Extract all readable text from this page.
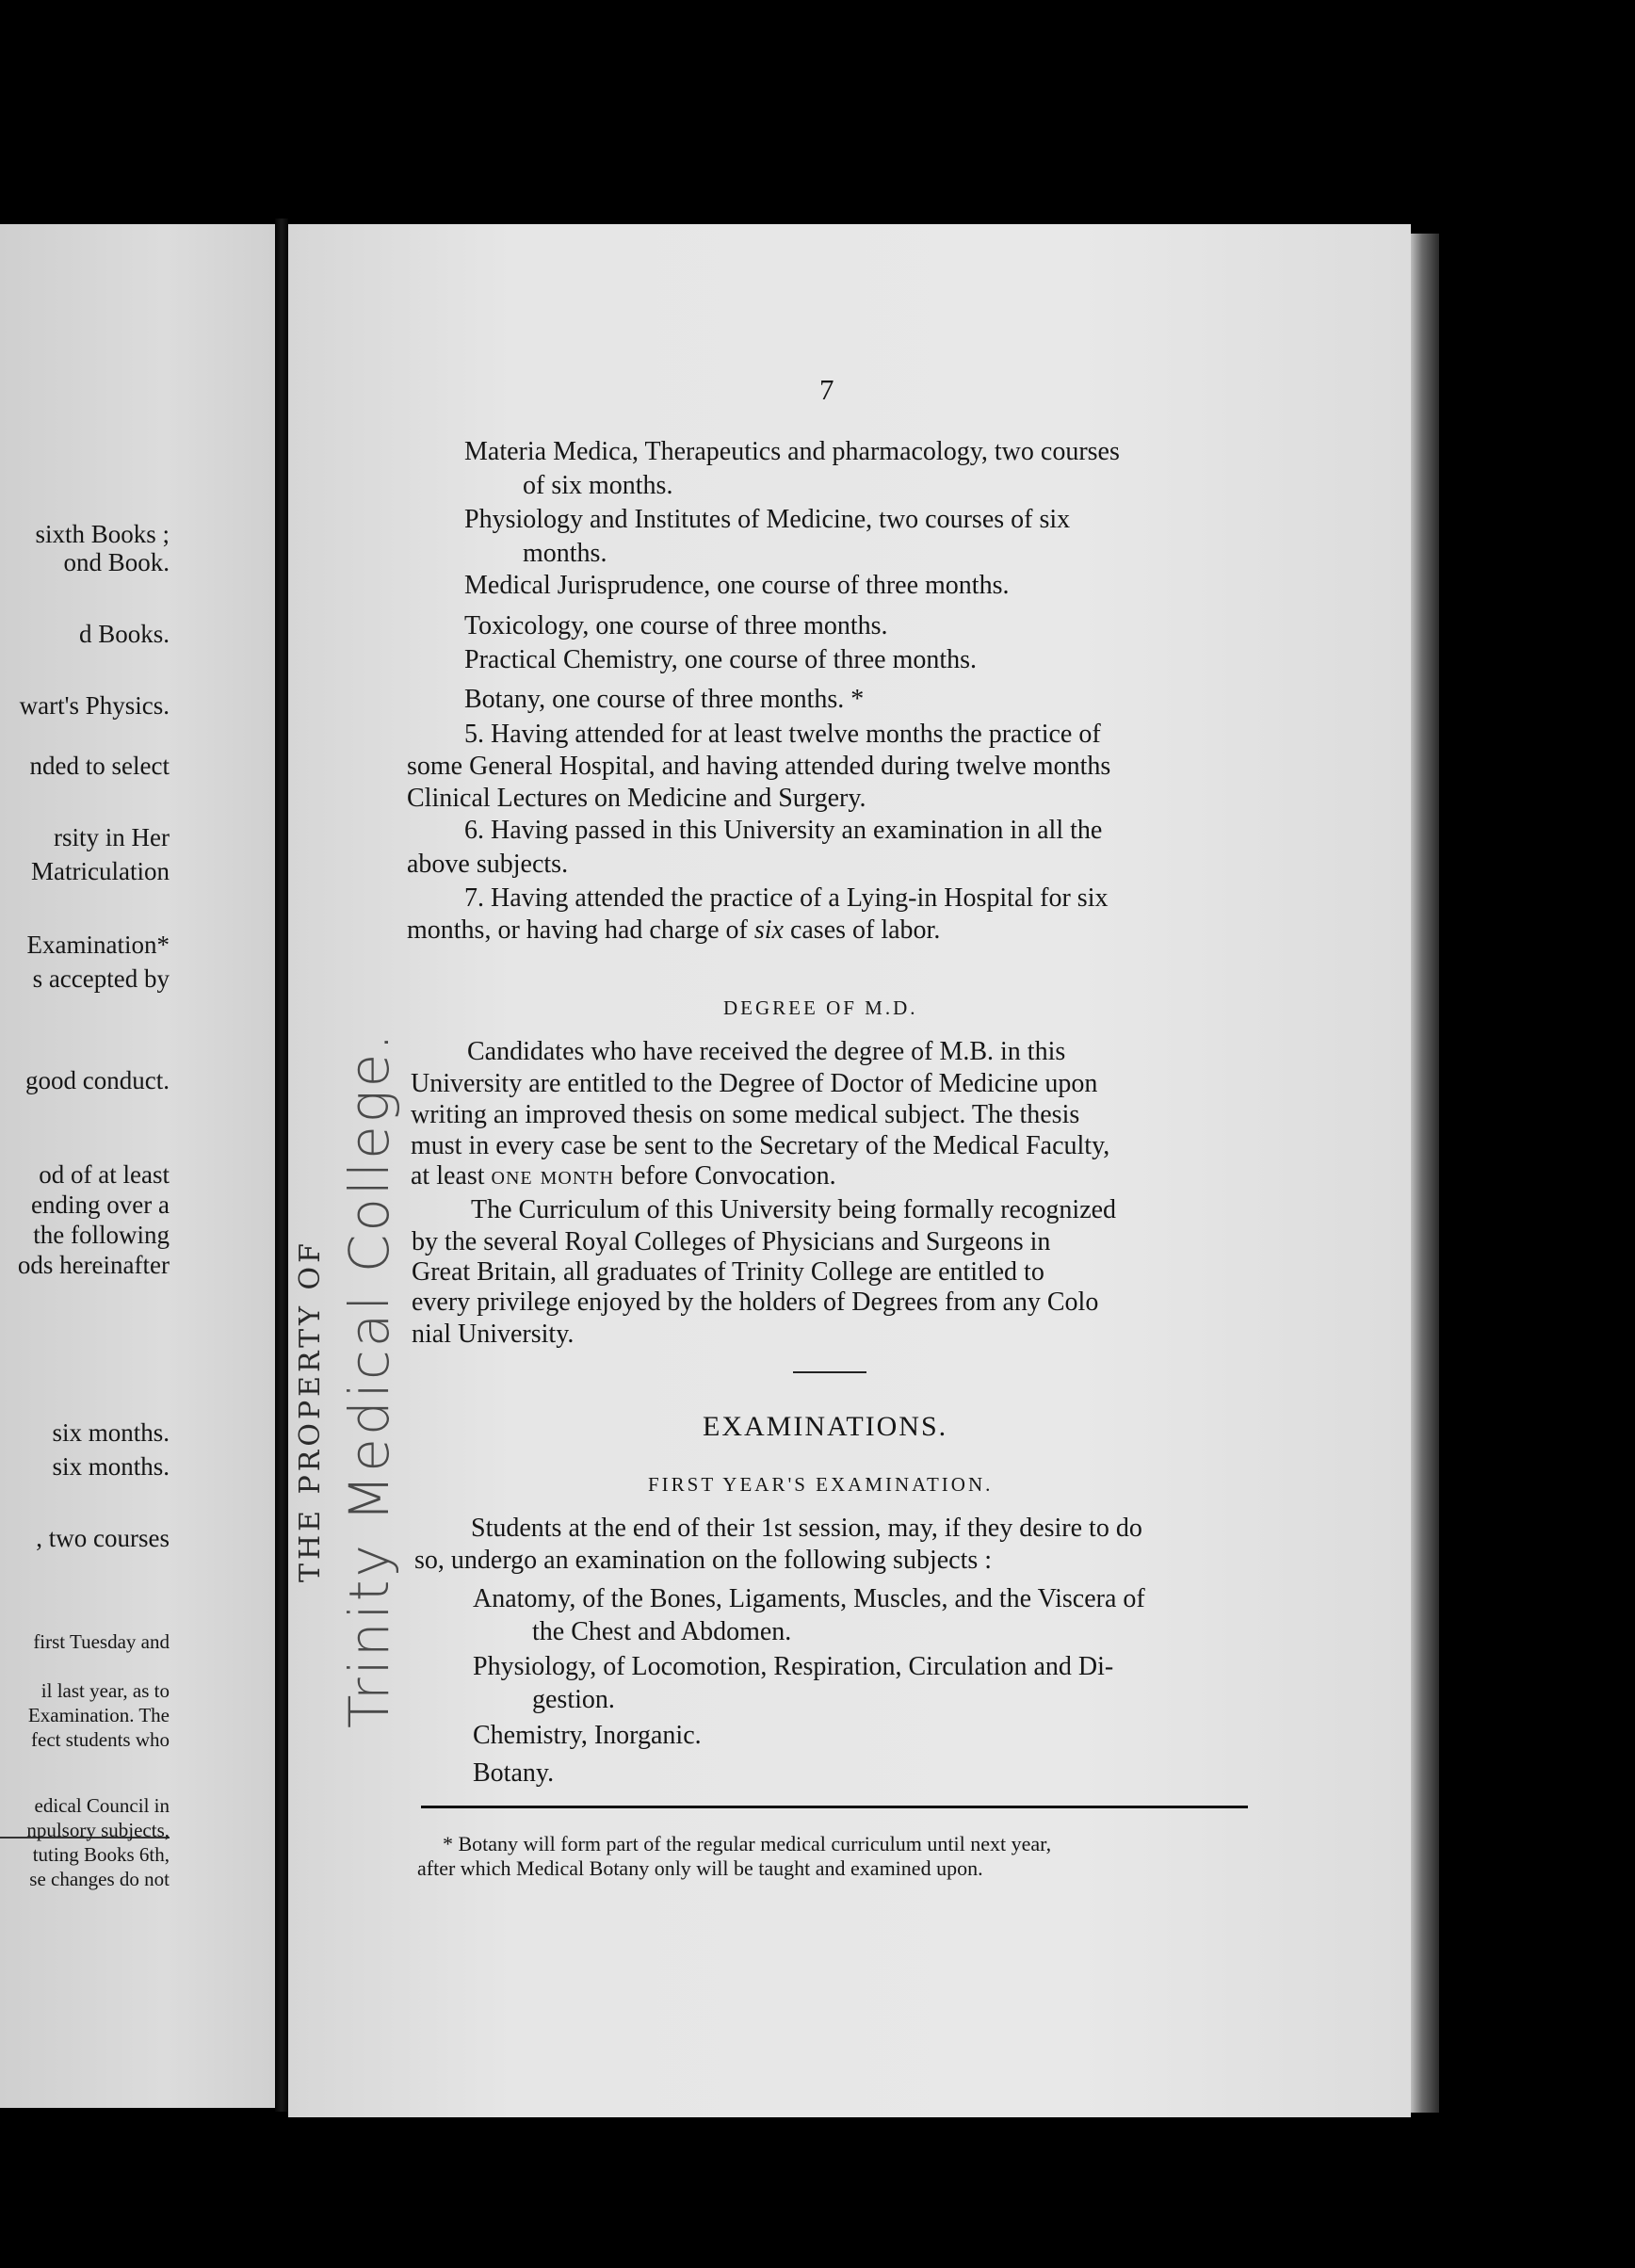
sixth Books ;
ond Book.
d Books.
wart's Physics.
nded to select
rsity in Her
Matriculation
Examination*
s accepted by
good conduct.
od of at least
ending over a
the following
ods hereinafter
six months.
six months.
, two courses
first Tuesday and
il last year, as to
Examination. The
fect students who
edical Council in
npulsory subjects,
tuting Books 6th,
se changes do not
THE PROPERTY OF Trinity Medical College.
7
Materia Medica, Therapeutics and pharmacology, two courses
of six months.
Physiology and Institutes of Medicine, two courses of six
months.
Medical Jurisprudence, one course of three months.
Toxicology, one course of three months.
Practical Chemistry, one course of three months.
Botany, one course of three months. *
5. Having attended for at least twelve months the practice of
some General Hospital, and having attended during twelve months
Clinical Lectures on Medicine and Surgery.
6. Having passed in this University an examination in all the
above subjects.
7. Having attended the practice of a Lying-in Hospital for six
months, or having had charge of six cases of labor.
DEGREE OF M.D.
Candidates who have received the degree of M.B. in this
University are entitled to the Degree of Doctor of Medicine upon
writing an improved thesis on some medical subject. The thesis
must in every case be sent to the Secretary of the Medical Faculty,
at least one month before Convocation.
The Curriculum of this University being formally recognized
by the several Royal Colleges of Physicians and Surgeons in
Great Britain, all graduates of Trinity College are entitled to
every privilege enjoyed by the holders of Degrees from any Colo
nial University.
EXAMINATIONS.
FIRST YEAR'S EXAMINATION.
Students at the end of their 1st session, may, if they desire to do
so, undergo an examination on the following subjects :
Anatomy, of the Bones, Ligaments, Muscles, and the Viscera of
the Chest and Abdomen.
Physiology, of Locomotion, Respiration, Circulation and Di-
gestion.
Chemistry, Inorganic.
Botany.
* Botany will form part of the regular medical curriculum until next year,
after which Medical Botany only will be taught and examined upon.
